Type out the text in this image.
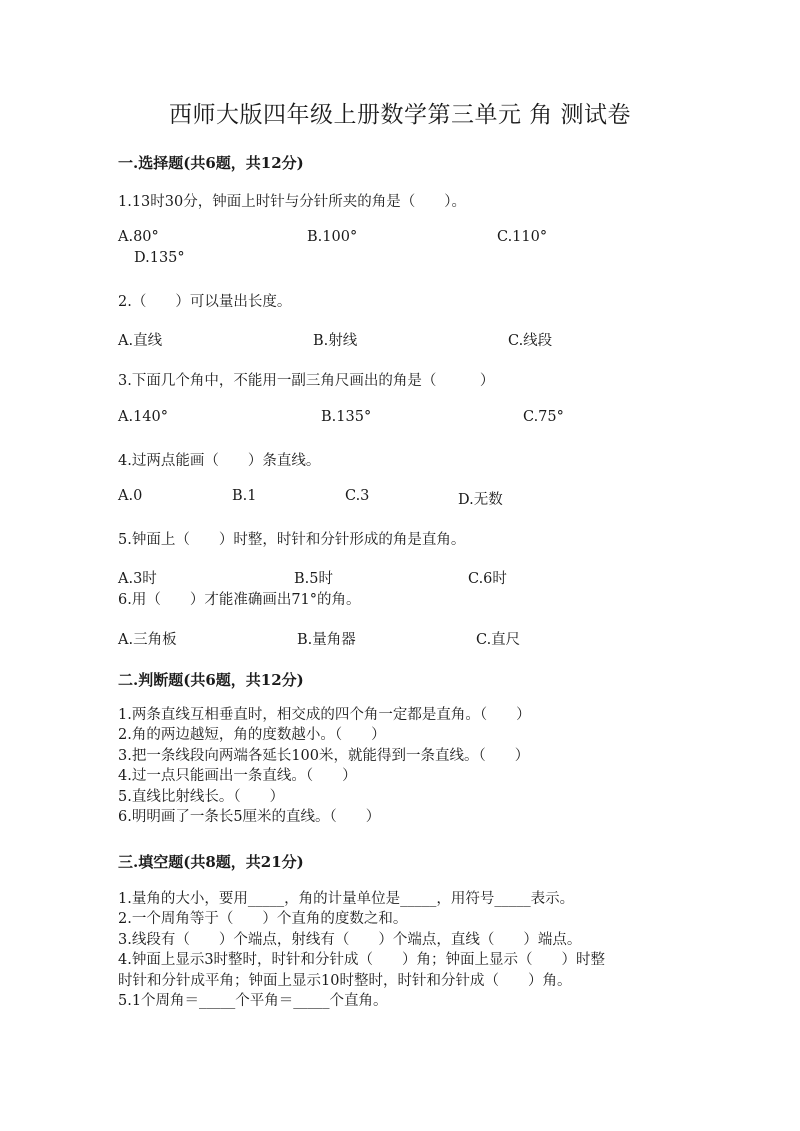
西师大版四年级上册数学第三单元 角 测试卷
一.选择题(共6题，共12分)
1.13时30分，钟面上时针与分针所夹的角是（　　）。
A.80°	B.100°	C.110°
D.135°
2.（　　）可以量出长度。
A.直线	B.射线	C.线段
3.下面几个角中，不能用一副三角尺画出的角是（　　　）
A.140°	B.135°	C.75°
4.过两点能画（　　）条直线。
A.0	B.1	C.3	D.无数
5.钟面上（　　）时整，时针和分针形成的角是直角。
A.3时	B.5时	C.6时
6.用（　　）才能准确画出71°的角。
A.三角板	B.量角器	C.直尺
二.判断题(共6题，共12分)
1.两条直线互相垂直时，相交成的四个角一定都是直角。（　　）
2.角的两边越短，角的度数越小。（　　）
3.把一条线段向两端各延长100米，就能得到一条直线。（　　）
4.过一点只能画出一条直线。（　　）
5.直线比射线长。（　　）
6.明明画了一条长5厘米的直线。（　　）
三.填空题(共8题，共21分)
1.量角的大小，要用_____，角的计量单位是_____，用符号_____表示。
2.一个周角等于（　　）个直角的度数之和。
3.线段有（　　）个端点，射线有（　　）个端点，直线（　　）端点。
4.钟面上显示3时整时，时针和分针成（　　）角；钟面上显示（　　）时整
时针和分针成平角；钟面上显示10时整时，时针和分针成（　　）角。
5.1个周角＝_____个平角＝_____个直角。
